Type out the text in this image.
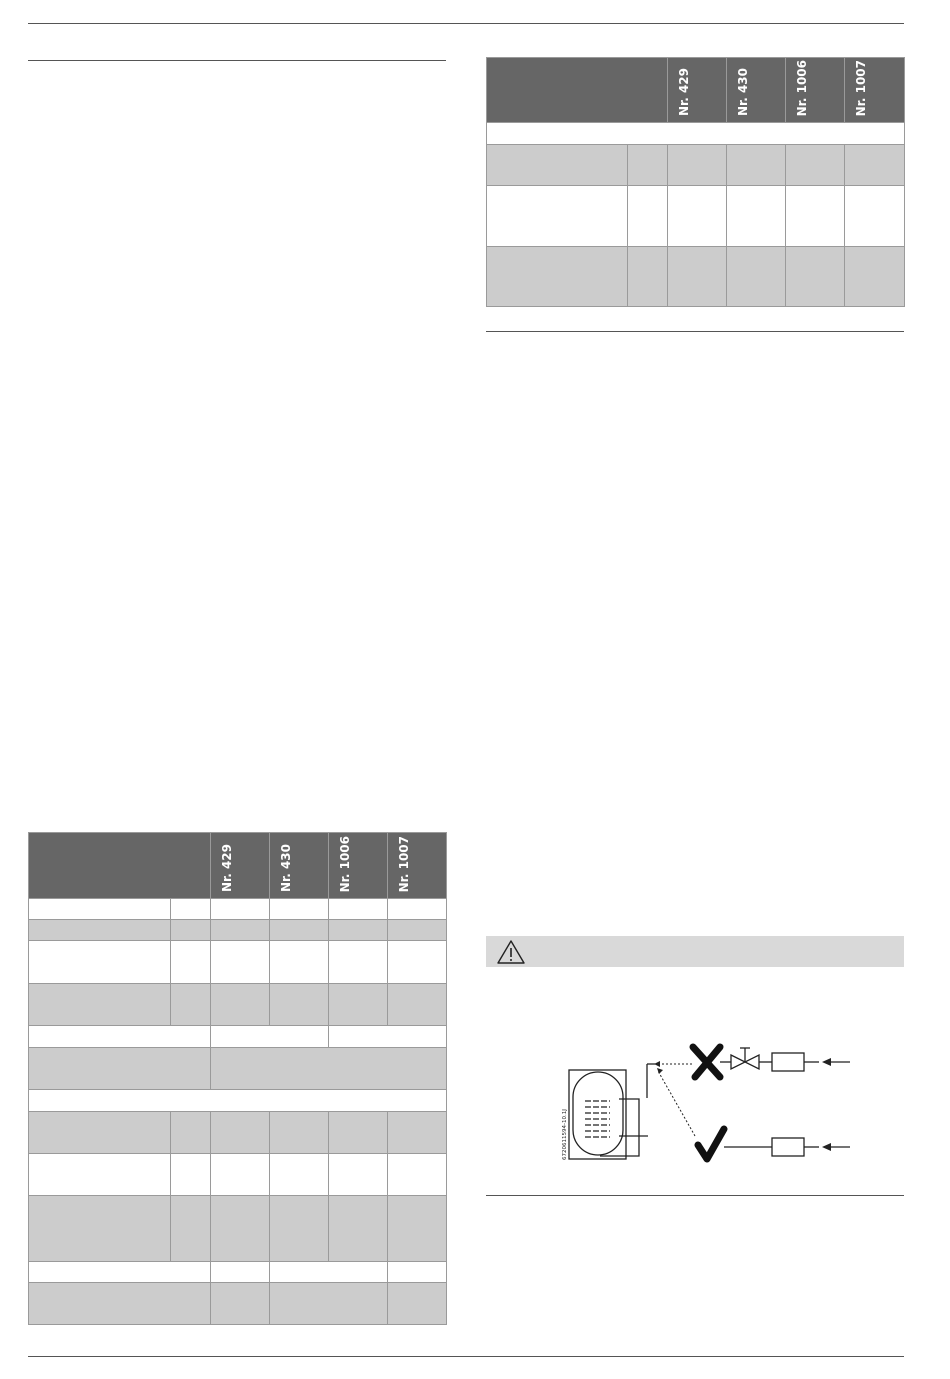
		Nr. 429	Nr. 430	Nr. 1006	Nr. 1007

		Nr. 429	Nr. 430	Nr. 1006	Nr. 1007

6720611594-10.1J
